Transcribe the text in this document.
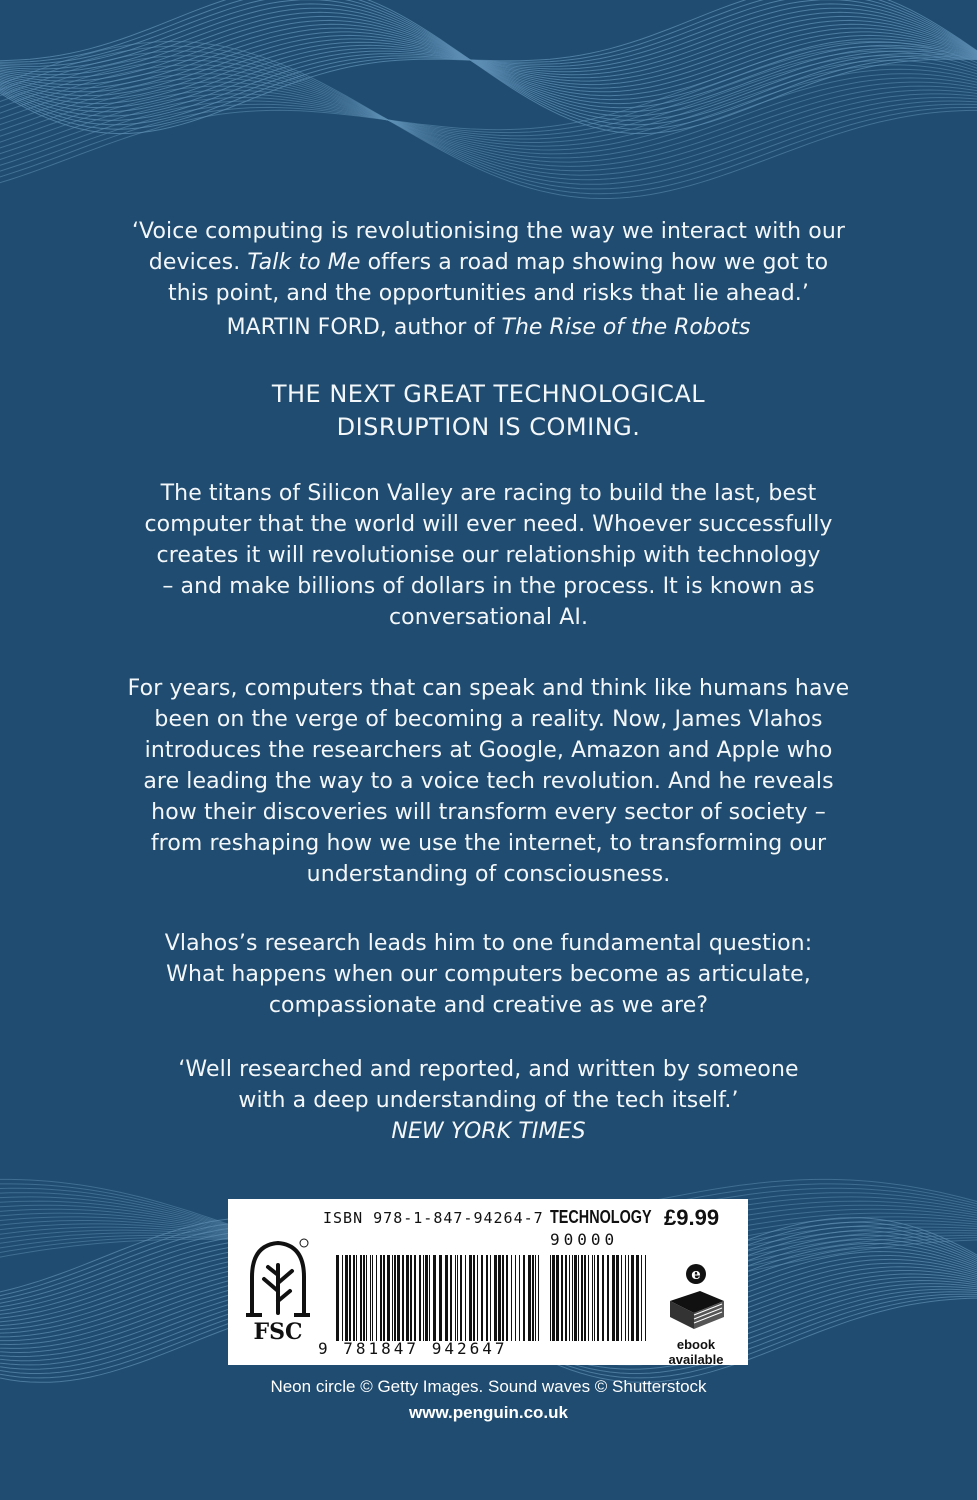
‘Voice computing is revolutionising the way we interact with our

devices. Talk to Me offers a road map showing how we got to

this point, and the opportunities and risks that lie ahead.’

MARTIN FORD, author of The Rise of the Robots

THE NEXT GREAT TECHNOLOGICAL

DISRUPTION IS COMING.

The titans of Silicon Valley are racing to build the last, best

computer that the world will ever need. Whoever successfully

creates it will revolutionise our relationship with technology

– and make billions of dollars in the process. It is known as

conversational AI.

For years, computers that can speak and think like humans have

been on the verge of becoming a reality. Now, James Vlahos

introduces the researchers at Google, Amazon and Apple who

are leading the way to a voice tech revolution. And he reveals

how their discoveries will transform every sector of society –

from reshaping how we use the internet, to transforming our

understanding of consciousness.

Vlahos’s research leads him to one fundamental question:

What happens when our computers become as articulate,

compassionate and creative as we are?

‘Well researched and reported, and written by someone

with a deep understanding of the tech itself.’

NEW YORK TIMES

ISBN 978-1-847-94264-7 TECHNOLOGY £9.99
90000
FSC
9 781847 942647
e
ebook
available
Neon circle © Getty Images. Sound waves © Shutterstock
www.penguin.co.uk
